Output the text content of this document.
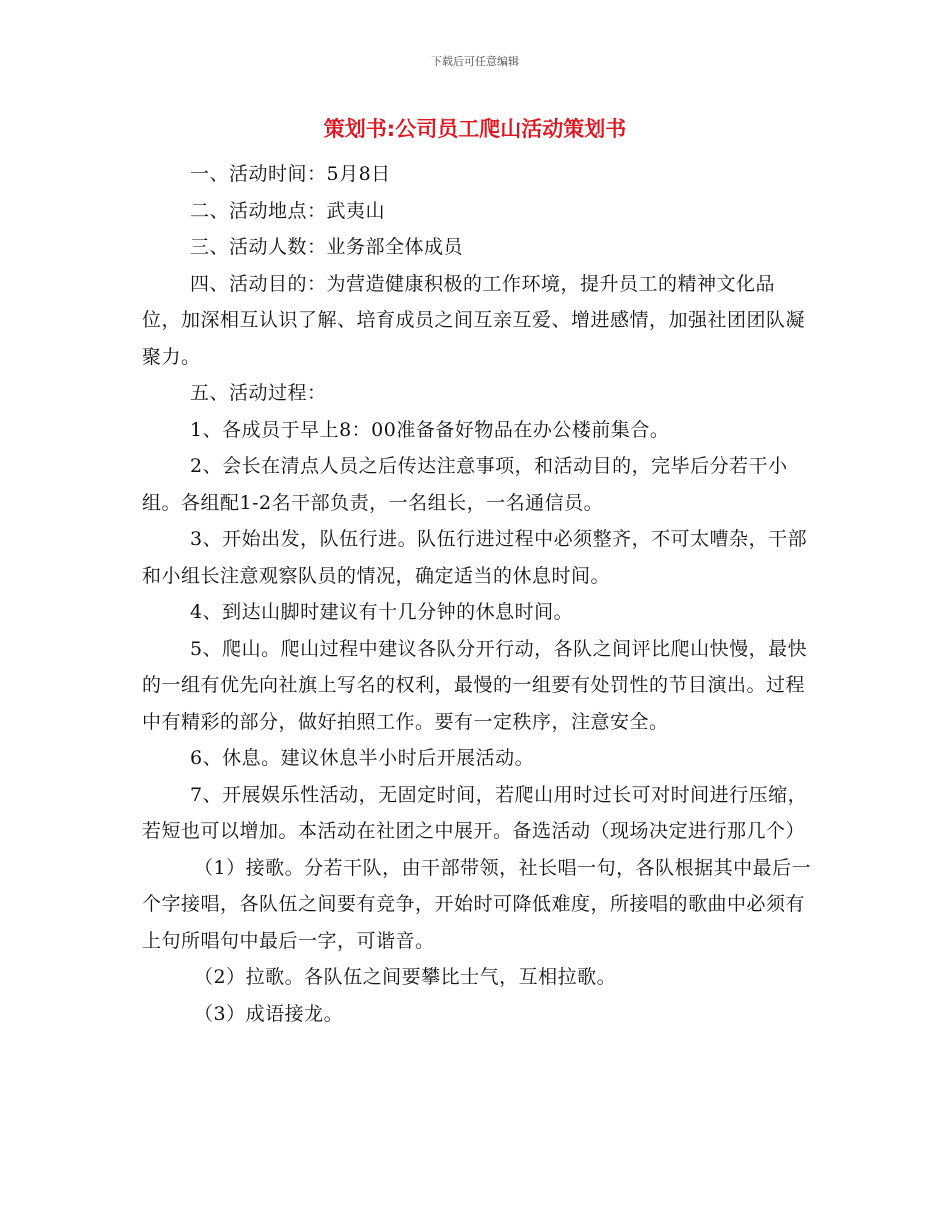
下载后可任意编辑
策划书:公司员工爬山活动策划书

一、活动时间：5月8日

二、活动地点：武夷山

三、活动人数：业务部全体成员

四、活动目的：为营造健康积极的工作环境，提升员工的精神文化品位，加深相互认识了解、培育成员之间互亲互爱、增进感情，加强社团团队凝聚力。

五、活动过程：

1、各成员于早上8：00准备备好物品在办公楼前集合。

2、会长在清点人员之后传达注意事项，和活动目的，完毕后分若干小组。各组配1-2名干部负责，一名组长，一名通信员。

3、开始出发，队伍行进。队伍行进过程中必须整齐，不可太嘈杂，干部和小组长注意观察队员的情况，确定适当的休息时间。

4、到达山脚时建议有十几分钟的休息时间。

5、爬山。爬山过程中建议各队分开行动，各队之间评比爬山快慢，最快的一组有优先向社旗上写名的权利，最慢的一组要有处罚性的节目演出。过程中有精彩的部分，做好拍照工作。要有一定秩序，注意安全。

6、休息。建议休息半小时后开展活动。

7、开展娱乐性活动，无固定时间，若爬山用时过长可对时间进行压缩，若短也可以增加。本活动在社团之中展开。备选活动（现场决定进行那几个）

（1）接歌。分若干队，由干部带领，社长唱一句，各队根据其中最后一个字接唱，各队伍之间要有竞争，开始时可降低难度，所接唱的歌曲中必须有上句所唱句中最后一字，可谐音。

（2）拉歌。各队伍之间要攀比士气，互相拉歌。

（3）成语接龙。
